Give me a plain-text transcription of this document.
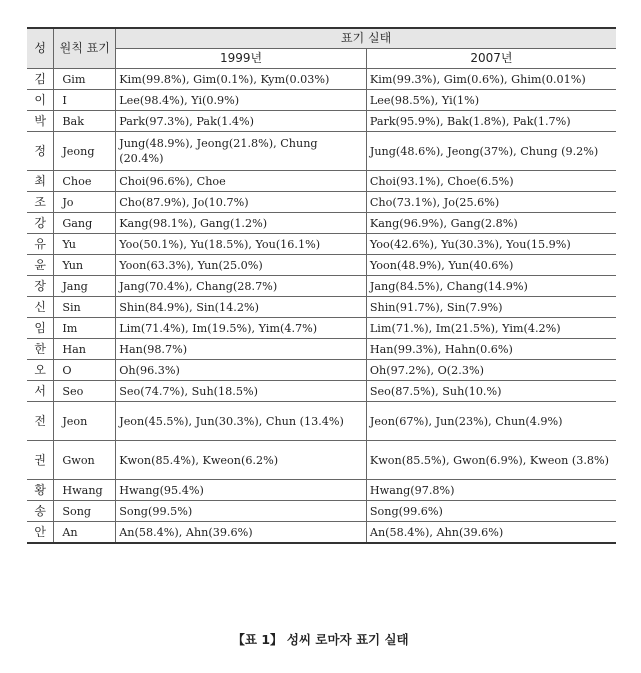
성	원칙 표기	표기 실태	
		1999년	2007년
김	Gim	Kim(99.8%), Gim(0.1%), Kym(0.03%)	Kim(99.3%), Gim(0.6%), Ghim(0.01%)
이	I	Lee(98.4%), Yi(0.9%)	Lee(98.5%), Yi(1%)
박	Bak	Park(97.3%), Pak(1.4%)	Park(95.9%), Bak(1.8%), Pak(1.7%)
정	Jeong	Jung(48.9%), Jeong(21.8%), Chung (20.4%)	Jung(48.6%), Jeong(37%), Chung (9.2%)
최	Choe	Choi(96.6%), Choe	Choi(93.1%), Choe(6.5%)
조	Jo	Cho(87.9%), Jo(10.7%)	Cho(73.1%), Jo(25.6%)
강	Gang	Kang(98.1%), Gang(1.2%)	Kang(96.9%), Gang(2.8%)
유	Yu	Yoo(50.1%), Yu(18.5%), You(16.1%)	Yoo(42.6%), Yu(30.3%), You(15.9%)
윤	Yun	Yoon(63.3%), Yun(25.0%)	Yoon(48.9%), Yun(40.6%)
장	Jang	Jang(70.4%), Chang(28.7%)	Jang(84.5%), Chang(14.9%)
신	Sin	Shin(84.9%), Sin(14.2%)	Shin(91.7%), Sin(7.9%)
임	Im	Lim(71.4%), Im(19.5%), Yim(4.7%)	Lim(71.%), Im(21.5%), Yim(4.2%)
한	Han	Han(98.7%)	Han(99.3%), Hahn(0.6%)
오	O	Oh(96.3%)	Oh(97.2%), O(2.3%)
서	Seo	Seo(74.7%), Suh(18.5%)	Seo(87.5%), Suh(10.%)
전	Jeon	Jeon(45.5%), Jun(30.3%), Chun (13.4%)	Jeon(67%), Jun(23%), Chun(4.9%)
권	Gwon	Kwon(85.4%), Kweon(6.2%)	Kwon(85.5%), Gwon(6.9%), Kweon (3.8%)
황	Hwang	Hwang(95.4%)	Hwang(97.8%)
송	Song	Song(99.5%)	Song(99.6%)
안	An	An(58.4%), Ahn(39.6%)	An(58.4%), Ahn(39.6%)
【표 1】 성씨 로마자 표기 실태
